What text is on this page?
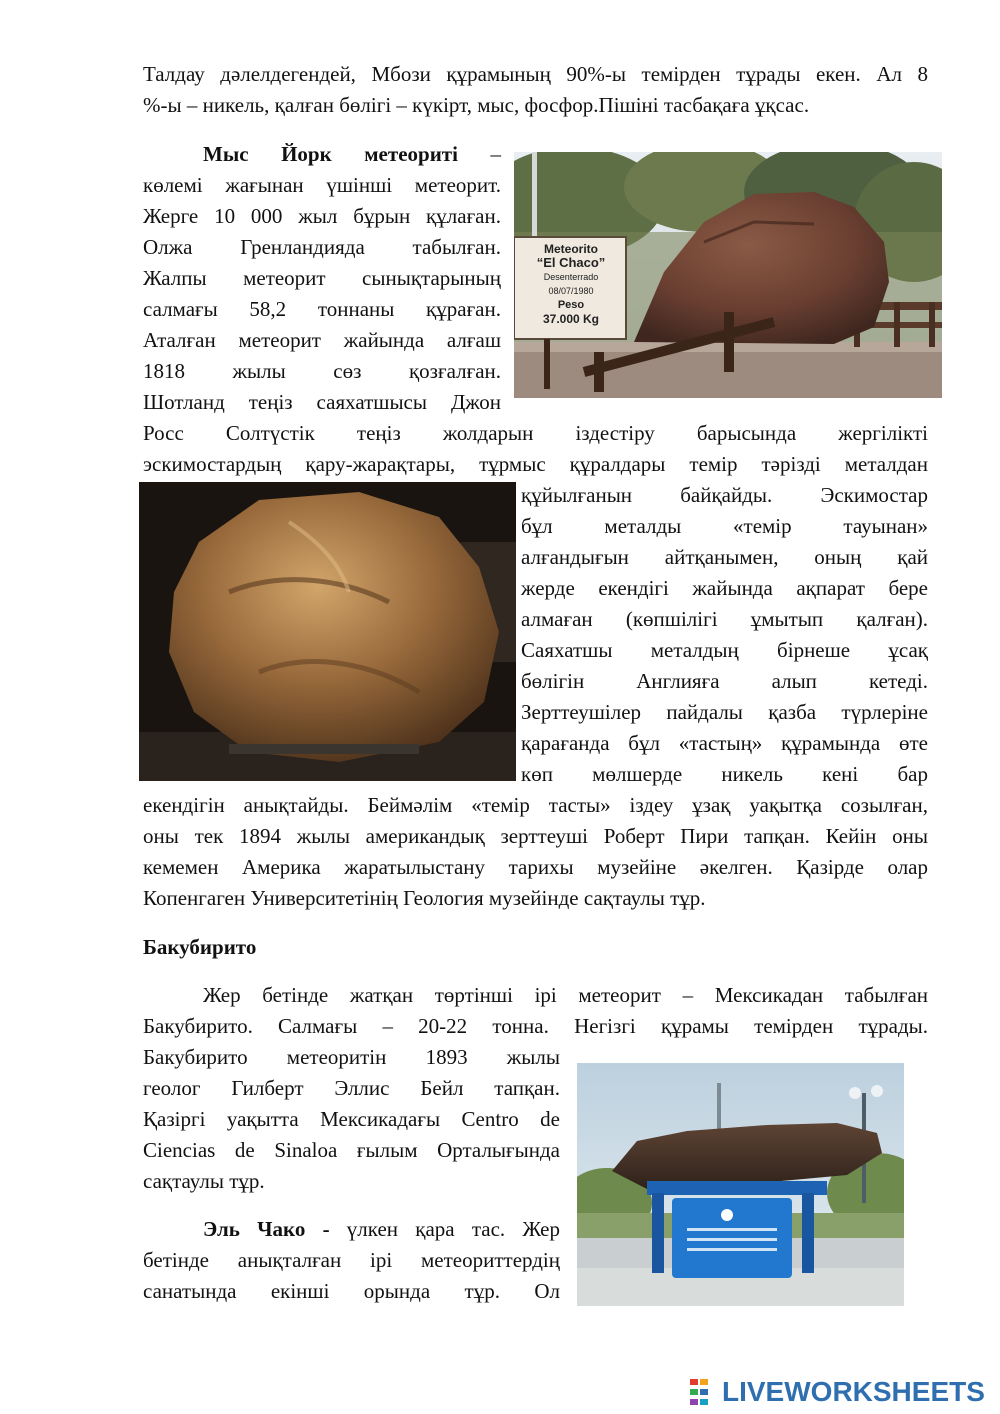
Талдау дәлелдегендей, Мбози құрамының 90%-ы темірден тұрады екен. Ал 8
%-ы – никель, қалған бөлігі – күкірт, мыс, фосфор.Пішіні тасбақаға ұқсас.
Мыс Йорк метеориті –
көлемі жағынан үшінші метеорит.
Жерге 10 000 жыл бұрын құлаған.
Олжа Гренландияда табылған.
Жалпы метеорит сынықтарының
салмағы 58,2 тоннаны құраған.
Аталған метеорит жайында алғаш
1818 жылы сөз қозғалған.
Шотланд теңіз саяхатшысы Джон
Росс Солтүстік теңіз жолдарын іздестіру барысында жергілікті
эскимостардың қару-жарақтары, тұрмыс құралдары темір тәрізді металдан
құйылғанын байқайды. Эскимостар
бұл металды «темір тауынан»
алғандығын айтқанымен, оның қай
жерде екендігі жайында ақпарат бере
алмаған (көпшілігі ұмытып қалған).
Саяхатшы металдың бірнеше ұсақ
бөлігін Англияға алып кетеді.
Зерттеушілер пайдалы қазба түрлеріне
қарағанда бұл «тастың» құрамында өте
көп мөлшерде никель кені бар
екендігін анықтайды. Беймәлім «темір тасты» іздеу ұзақ уақытқа созылған,
оны тек 1894 жылы американдық зерттеуші Роберт Пири тапқан. Кейін оны
кемемен Америка жаратылыстану тарихы музейіне әкелген. Қазірде олар
Копенгаген Университетінің Геология музейінде сақтаулы тұр.
Бакубирито
Жер бетінде жатқан төртінші ірі метеорит – Мексикадан табылған
Бакубирито. Салмағы – 20-22 тонна. Негізгі құрамы темірден тұрады.
Бакубирито метеоритін 1893 жылы
геолог Гилберт Эллис Бейл тапқан.
Қазіргі уақытта Мексикадағы Centro de
Ciencias de Sinaloa ғылым Орталығында
сақтаулы тұр.
Эль Чако - үлкен қара тас. Жер
бетінде анықталған ірі метеориттердің
санатында екінші орында тұр. Ол
Meteorito
“El Chaco”
Desenterrado
08/07/1980
Peso
37.000 Kg
LIVEWORKSHEETS
